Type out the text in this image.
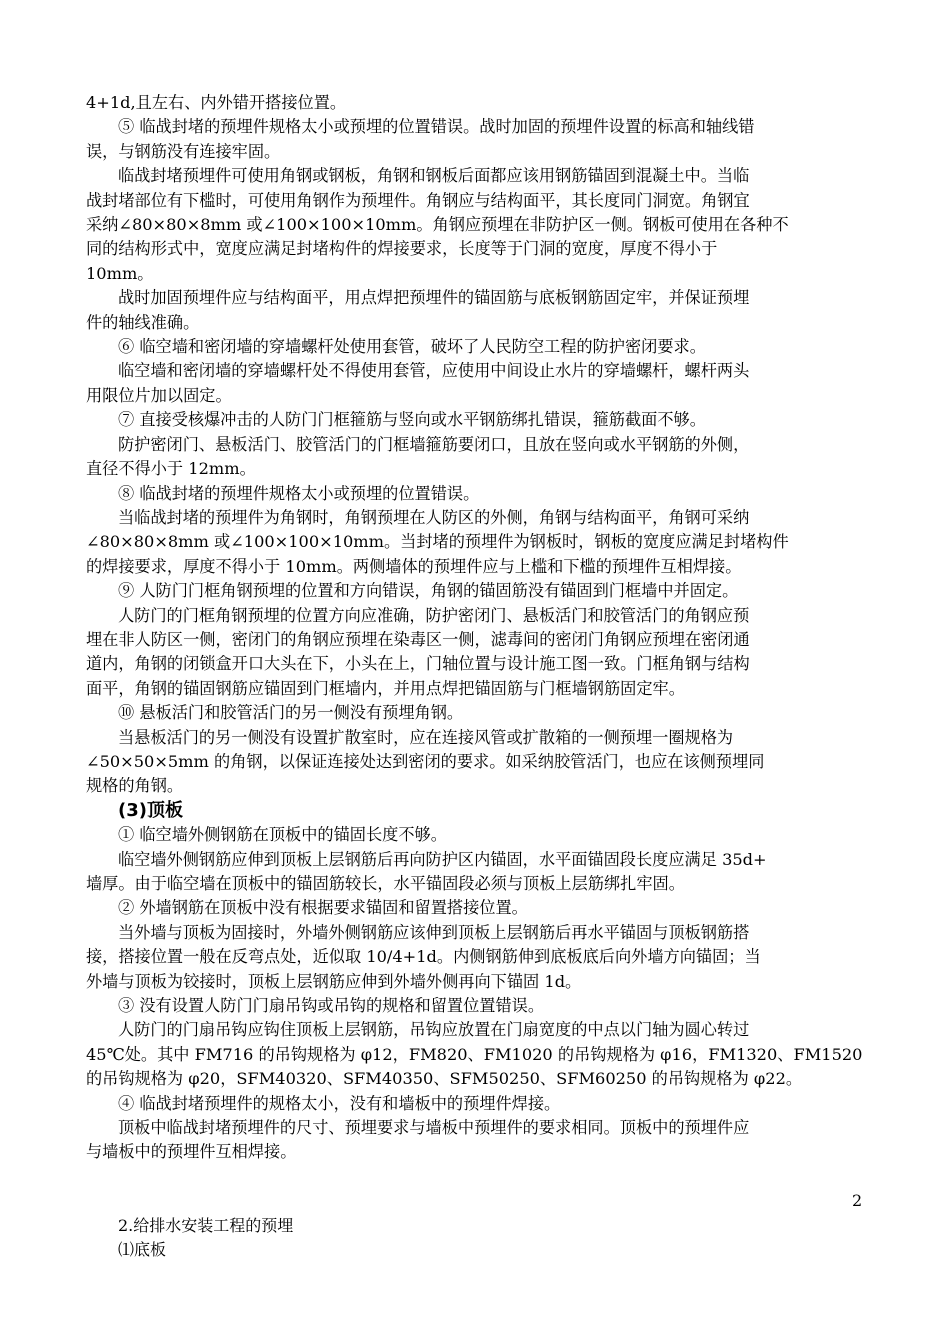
4+1d,且左右、内外错开搭接位置。

⑤ 临战封堵的预埋件规格太小或预埋的位置错误。战时加固的预埋件设置的标高和轴线错

误，与钢筋没有连接牢固。

临战封堵预埋件可使用角钢或钢板，角钢和钢板后面都应该用钢筋锚固到混凝土中。当临

战封堵部位有下槛时，可使用角钢作为预埋件。角钢应与结构面平，其长度同门洞宽。角钢宜

采纳∠80×80×8mm 或∠100×100×10mm。角钢应预埋在非防护区一侧。钢板可使用在各种不

同的结构形式中，宽度应满足封堵构件的焊接要求，长度等于门洞的宽度，厚度不得小于

10mm。

战时加固预埋件应与结构面平，用点焊把预埋件的锚固筋与底板钢筋固定牢，并保证预埋

件的轴线准确。

⑥ 临空墙和密闭墙的穿墙螺杆处使用套管，破坏了人民防空工程的防护密闭要求。

临空墙和密闭墙的穿墙螺杆处不得使用套管，应使用中间设止水片的穿墙螺杆，螺杆两头

用限位片加以固定。

⑦ 直接受核爆冲击的人防门门框箍筋与竖向或水平钢筋绑扎错误，箍筋截面不够。

防护密闭门、悬板活门、胶管活门的门框墙箍筋要闭口，且放在竖向或水平钢筋的外侧，

直径不得小于 12mm。

⑧ 临战封堵的预埋件规格太小或预埋的位置错误。

当临战封堵的预埋件为角钢时，角钢预埋在人防区的外侧，角钢与结构面平，角钢可采纳

∠80×80×8mm 或∠100×100×10mm。当封堵的预埋件为钢板时，钢板的宽度应满足封堵构件

的焊接要求，厚度不得小于 10mm。两侧墙体的预埋件应与上槛和下槛的预埋件互相焊接。

⑨ 人防门门框角钢预埋的位置和方向错误，角钢的锚固筋没有锚固到门框墙中并固定。

人防门的门框角钢预埋的位置方向应准确，防护密闭门、悬板活门和胶管活门的角钢应预

埋在非人防区一侧，密闭门的角钢应预埋在染毒区一侧，滤毒间的密闭门角钢应预埋在密闭通

道内，角钢的闭锁盒开口大头在下，小头在上，门轴位置与设计施工图一致。门框角钢与结构

面平，角钢的锚固钢筋应锚固到门框墙内，并用点焊把锚固筋与门框墙钢筋固定牢。

⑩ 悬板活门和胶管活门的另一侧没有预埋角钢。

当悬板活门的另一侧没有设置扩散室时，应在连接风管或扩散箱的一侧预埋一圈规格为

∠50×50×5mm 的角钢，以保证连接处达到密闭的要求。如采纳胶管活门，也应在该侧预埋同

规格的角钢。

(3)顶板

① 临空墙外侧钢筋在顶板中的锚固长度不够。

临空墙外侧钢筋应伸到顶板上层钢筋后再向防护区内锚固，水平面锚固段长度应满足 35d+

墙厚。由于临空墙在顶板中的锚固筋较长，水平锚固段必须与顶板上层筋绑扎牢固。

② 外墙钢筋在顶板中没有根据要求锚固和留置搭接位置。

当外墙与顶板为固接时，外墙外侧钢筋应该伸到顶板上层钢筋后再水平锚固与顶板钢筋搭

接，搭接位置一般在反弯点处，近似取 10/4+1d。内侧钢筋伸到底板底后向外墙方向锚固；当

外墙与顶板为铰接时，顶板上层钢筋应伸到外墙外侧再向下锚固 1d。

③ 没有设置人防门门扇吊钩或吊钩的规格和留置位置错误。

人防门的门扇吊钩应钩住顶板上层钢筋，吊钩应放置在门扇宽度的中点以门轴为圆心转过

45℃处。其中 FM716 的吊钩规格为 φ12，FM820、FM1020 的吊钩规格为 φ16，FM1320、FM1520

的吊钩规格为 φ20，SFM40320、SFM40350、SFM50250、SFM60250 的吊钩规格为 φ22。

④ 临战封堵预埋件的规格太小，没有和墙板中的预埋件焊接。

顶板中临战封堵预埋件的尺寸、预埋要求与墙板中预埋件的要求相同。顶板中的预埋件应

与墙板中的预埋件互相焊接。

2

2.给排水安装工程的预埋

⑴底板
